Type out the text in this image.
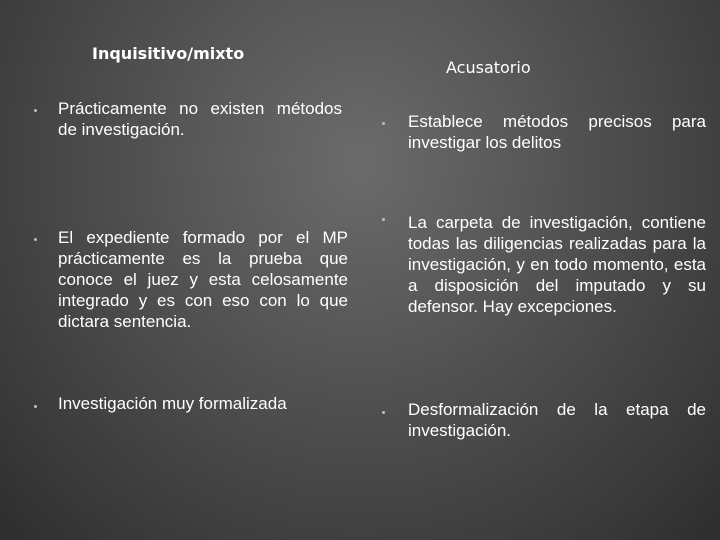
Inquisitivo/mixto
Acusatorio
Prácticamente no existen métodos de investigación.
El expediente formado por el MP prácticamente es la prueba que conoce el juez y esta celosamente integrado y es con eso con lo que dictara sentencia.
Investigación muy formalizada
Establece métodos precisos para investigar los delitos
La carpeta de investigación, contiene todas las diligencias realizadas para la investigación, y en todo momento, esta a disposición del imputado y su defensor. Hay excepciones.
Desformalización de la etapa de investigación.
